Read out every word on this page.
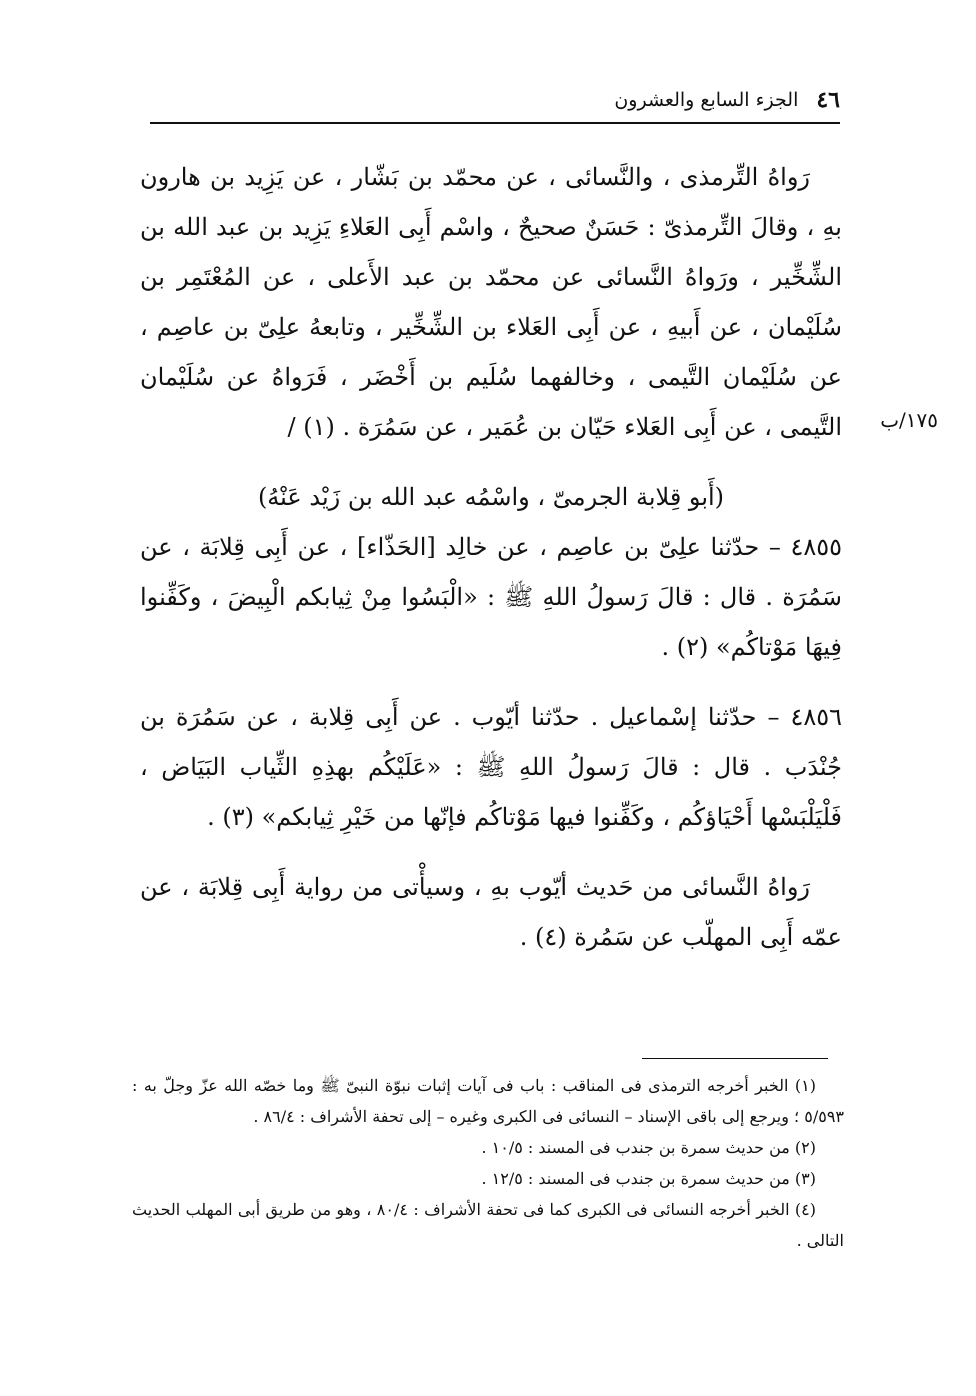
٤٦
الجزء السابع والعشرون
١٧٥/ب

رَواهُ التِّرمذى ، والنَّسائى ، عن محمّد بن بَشّار ، عن يَزِيد بن هارون بهِ ، وقالَ التِّرمذىّ : حَسَنٌ صحيحٌ ، واسْم أَبِى العَلاءِ يَزِيد بن عبد الله بن الشِّخِّير ، ورَواهُ النَّسائى عن محمّد بن عبد الأَعلى ، عن المُعْتَمِر بن سُلَيْمان ، عن أَبيهِ ، عن أَبِى العَلاء بن الشِّخِّير ، وتابعهُ علِىّ بن عاصِم ، عن سُلَيْمان التَّيمى ، وخالفهما سُلَيم بن أَخْضَر ، فَرَواهُ عن سُلَيْمان التَّيمى ، عن أَبِى العَلاء حَيّان بن عُمَير ، عن سَمُرَة . (١) /

(أَبو قِلابة الجرمىّ ، واسْمُه عبد الله بن زَيْد عَنْهُ)

٤٨٥٥ – حدّثنا علِىّ بن عاصِم ، عن خالِد [الحَذّاء] ، عن أَبِى قِلابَة ، عن سَمُرَة . قال : قالَ رَسولُ اللهِ ﷺ : «الْبَسُوا مِنْ ثِيابكم الْبِيضَ ، وكَفِّنوا فِيهَا مَوْتاكُم» (٢) .

٤٨٥٦ – حدّثنا إسْماعيل . حدّثنا أيّوب . عن أَبِى قِلابة ، عن سَمُرَة بن جُنْدَب . قال : قالَ رَسولُ اللهِ ﷺ : «عَلَيْكُم بهذِهِ الثِّياب البَيَاض ، فَلْيَلْبَسْها أَحْيَاؤكُم ، وكَفِّنوا فيها مَوْتاكُم فإنّها من خَيْرِ ثِيابكم» (٣) .

رَواهُ النَّسائى من حَديث أيّوب بهِ ، وسيأْتى من رواية أَبِى قِلابَة ، عن عمّه أَبِى المهلّب عن سَمُرة (٤) .

(١) الخبر أخرجه الترمذى فى المناقب : باب فى آيات إثبات نبوّة النبىّ ﷺ وما خصّه الله عزّ وجلّ به : ٥/٥٩٣ ؛ ويرجع إلى باقى الإسناد – النسائى فى الكبرى وغيره – إلى تحفة الأشراف : ٨٦/٤ .

(٢) من حديث سمرة بن جندب فى المسند : ١٠/٥ .

(٣) من حديث سمرة بن جندب فى المسند : ١٢/٥ .

(٤) الخبر أخرجه النسائى فى الكبرى كما فى تحفة الأشراف : ٨٠/٤ ، وهو من طريق أبى المهلب الحديث التالى .
